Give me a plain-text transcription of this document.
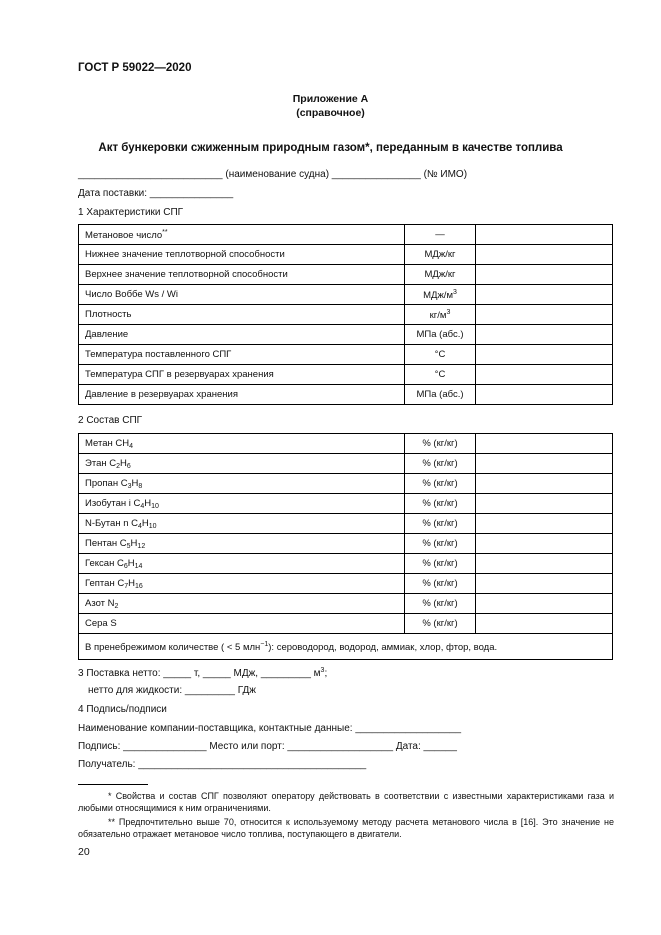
ГОСТ Р 59022—2020
Приложение А
(справочное)
Акт бункеровки сжиженным природным газом*, переданным в качестве топлива
__________________________ (наименование судна) ________________ (№ ИМО)
Дата поставки: _______________
1 Характеристики СПГ
Метановое число**	—	
Нижнее значение теплотворной способности	МДж/кг	
Верхнее значение теплотворной способности	МДж/кг	
Число Воббе Ws / Wi	МДж/$м^3$	
Плотность	$кг/м^3$	
Давление	МПа (абс.)	
Температура поставленного СПГ	°C	
Температура СПГ в резервуарах хранения	°C	
Давление в резервуарах хранения	МПа (абс.)	
2 Состав СПГ
Метан $CH_4$	% (кг/кг)	
Этан $C_2H_6$	% (кг/кг)	
Пропан $C_3H_8$	% (кг/кг)	
Изобутан i $C_4H_{10}$	% (кг/кг)	
N-Бутан n $C_4H_{10}$	% (кг/кг)	
Пентан $C_5H_{12}$	% (кг/кг)	
Гексан $C_6H_{14}$	% (кг/кг)	
Гептан $C_7H_{16}$	% (кг/кг)	
Азот $N_2$	% (кг/кг)	
Сера S	% (кг/кг)	
В пренебрежимом количестве ( < 5 млн$^{-1}$): сероводород, водород, аммиак, хлор, фтор, вода.		
3 Поставка нетто: _____ т, _____ МДж, _________ $м^3$;
нетто для жидкости: _________ ГДж
4 Подпись/подписи
Наименование компании-поставщика, контактные данные: ___________________
Подпись: _______________ Место или порт: ___________________ Дата: ______
Получатель: _________________________________________
* Свойства и состав СПГ позволяют оператору действовать в соответствии с известными характеристиками газа и любыми относящимися к ним ограничениями.
** Предпочтительно выше 70, относится к используемому методу расчета метанового числа в [16]. Это значение не обязательно отражает метановое число топлива, поступающего в двигатели.
20
